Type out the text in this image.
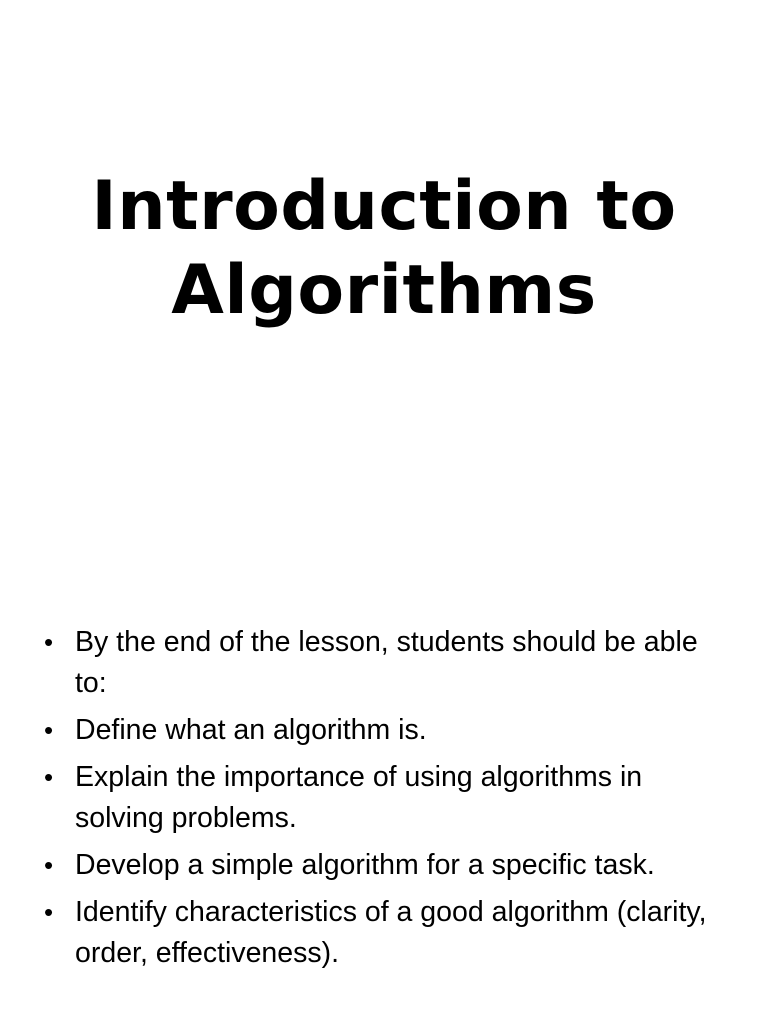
Introduction to
Algorithms
• By the end of the lesson, students should be able to:
• Define what an algorithm is.
• Explain the importance of using algorithms in solving problems.
• Develop a simple algorithm for a specific task.
• Identify characteristics of a good algorithm (clarity, order, effectiveness).
